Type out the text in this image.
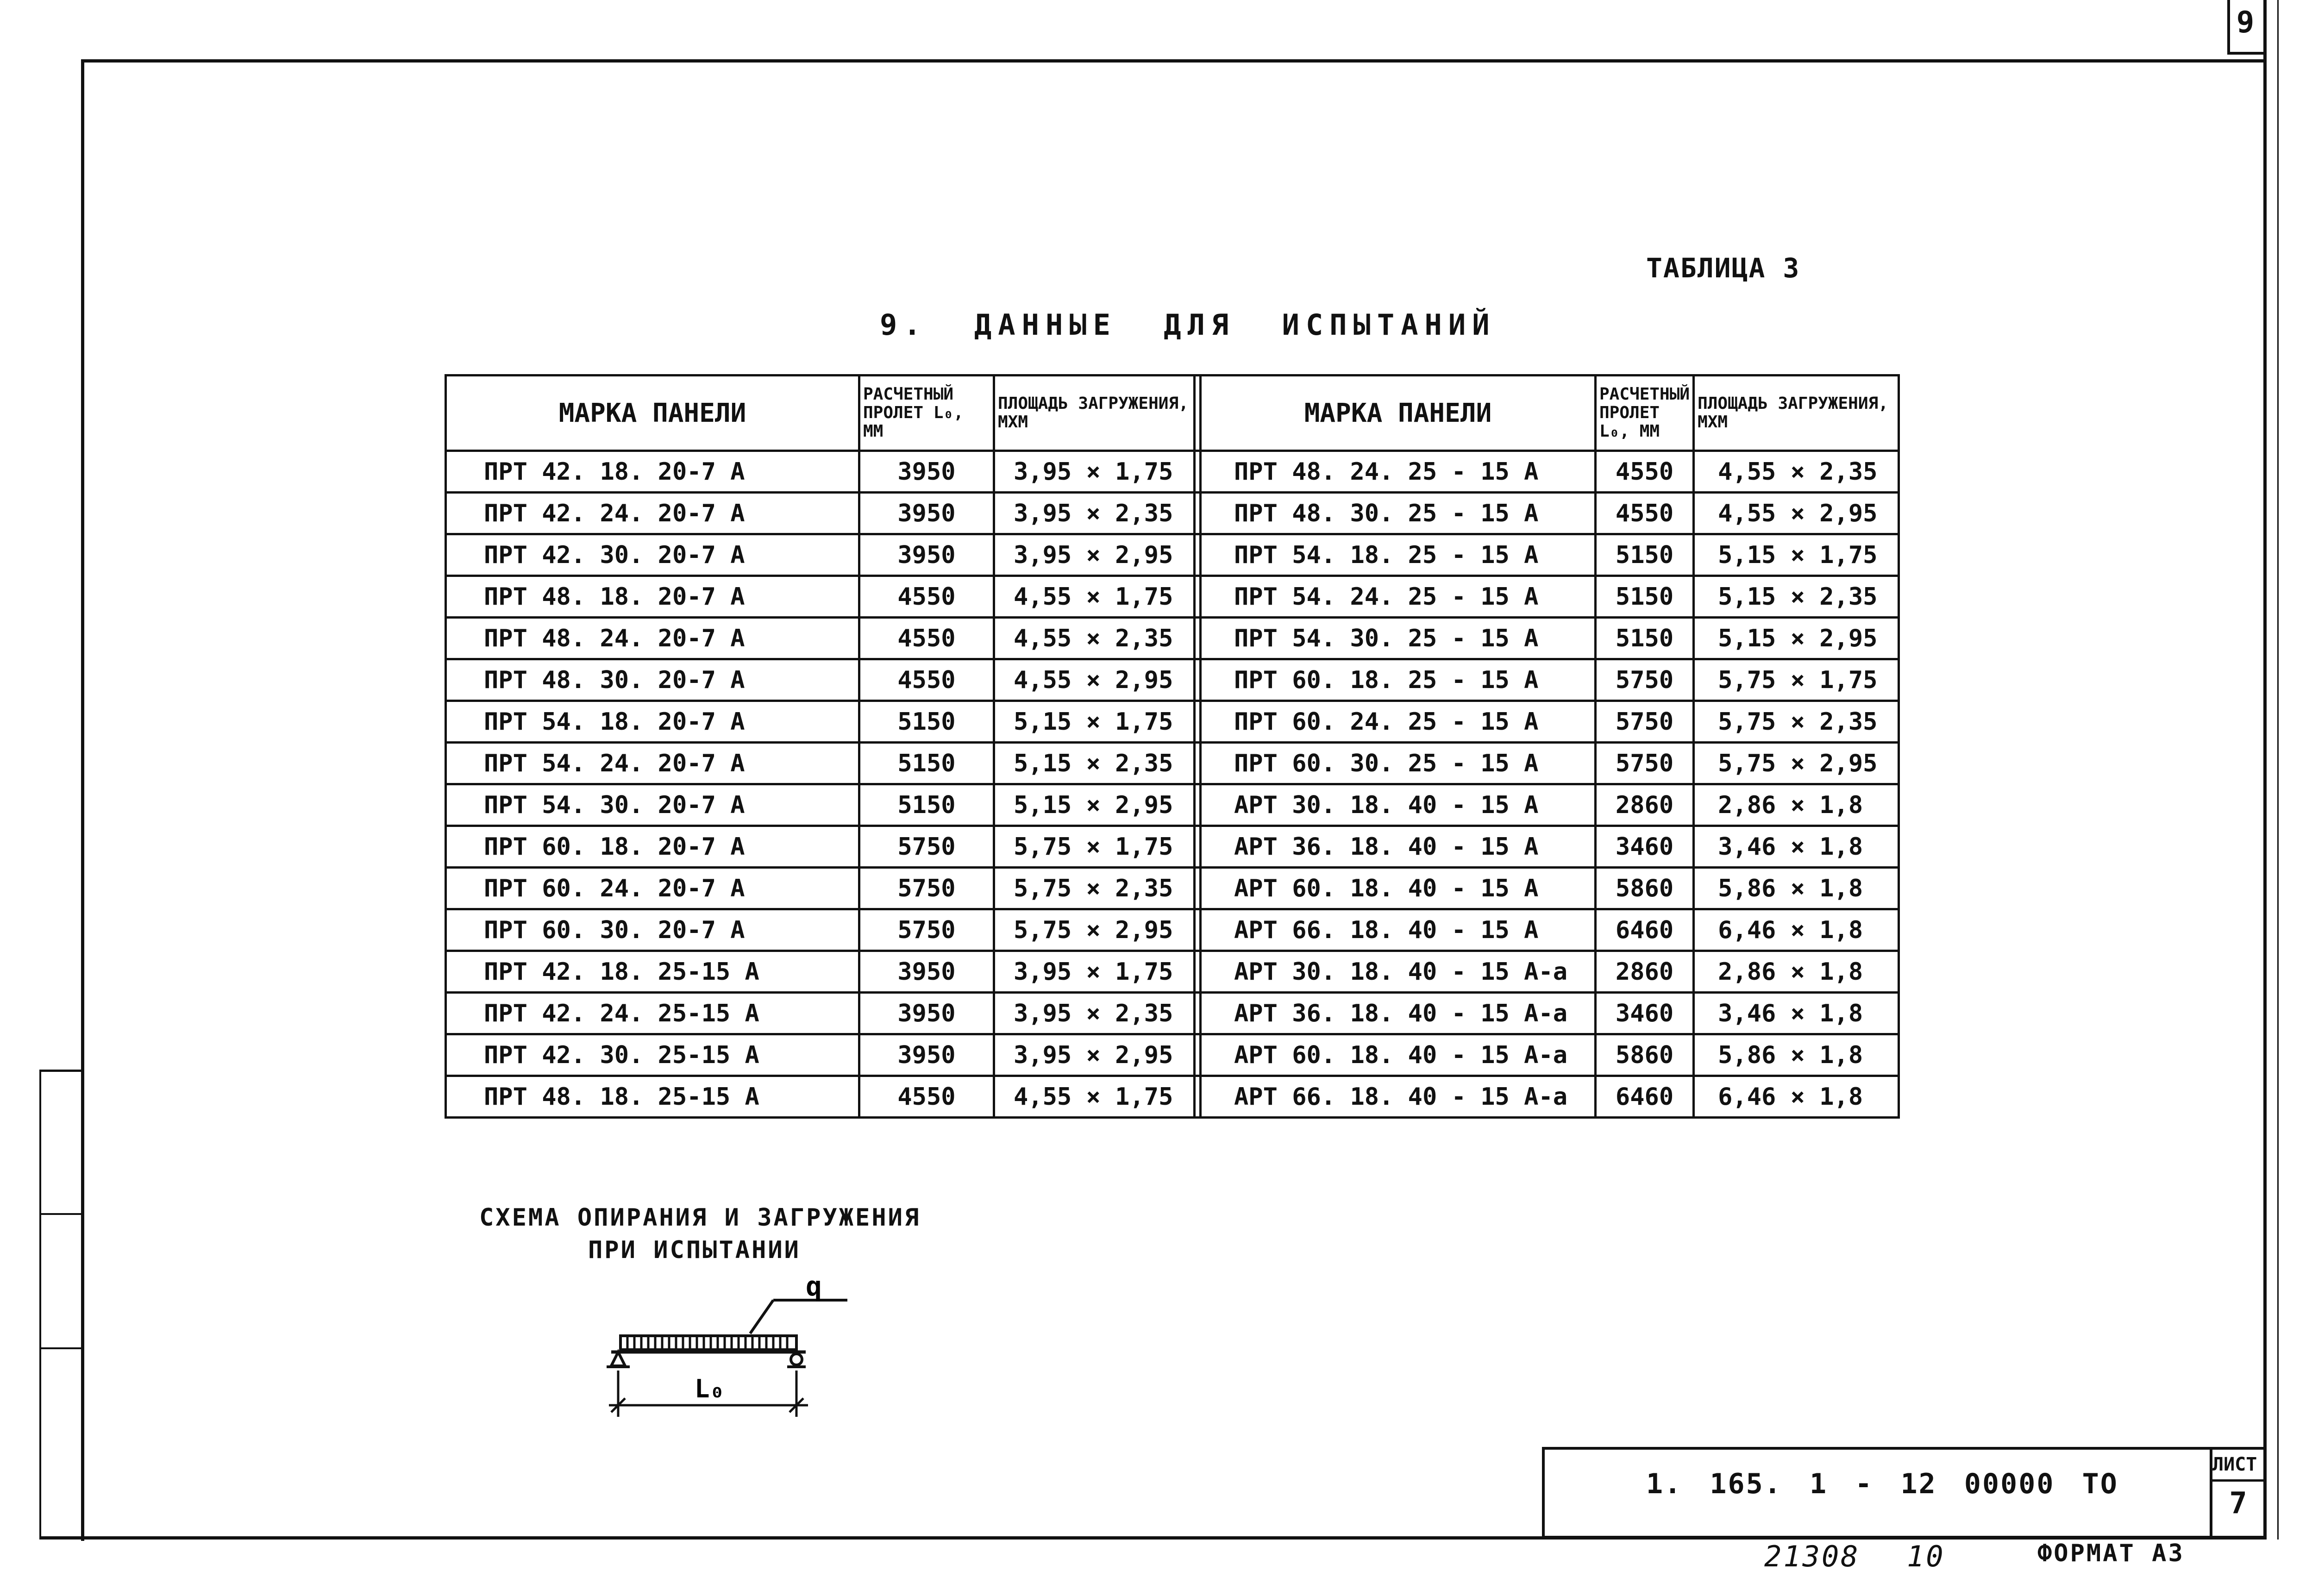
9
ТАБЛИЦА 3
9. ДАННЫЕ ДЛЯ ИСПЫТАНИЙ
МАРКА ПАНЕЛИ	РАСЧЕТНЫЙ ПРОЛЕТ L₀, ММ	ПЛОЩАДЬ ЗАГРУЖЕНИЯ, МХМ		МАРКА ПАНЕЛИ	РАСЧЕТНЫЙ ПРОЛЕТ L₀, ММ	ПЛОЩАДЬ ЗАГРУЖЕНИЯ, МХМ
ПРТ 42. 18. 20-7 А	3950	3,95 × 1,75		ПРТ 48. 24. 25 - 15 А	4550	4,55 × 2,35
ПРТ 42. 24. 20-7 А	3950	3,95 × 2,35		ПРТ 48. 30. 25 - 15 А	4550	4,55 × 2,95
ПРТ 42. 30. 20-7 А	3950	3,95 × 2,95		ПРТ 54. 18. 25 - 15 А	5150	5,15 × 1,75
ПРТ 48. 18. 20-7 А	4550	4,55 × 1,75		ПРТ 54. 24. 25 - 15 А	5150	5,15 × 2,35
ПРТ 48. 24. 20-7 А	4550	4,55 × 2,35		ПРТ 54. 30. 25 - 15 А	5150	5,15 × 2,95
ПРТ 48. 30. 20-7 А	4550	4,55 × 2,95		ПРТ 60. 18. 25 - 15 А	5750	5,75 × 1,75
ПРТ 54. 18. 20-7 А	5150	5,15 × 1,75		ПРТ 60. 24. 25 - 15 А	5750	5,75 × 2,35
ПРТ 54. 24. 20-7 А	5150	5,15 × 2,35		ПРТ 60. 30. 25 - 15 А	5750	5,75 × 2,95
ПРТ 54. 30. 20-7 А	5150	5,15 × 2,95		АРТ 30. 18. 40 - 15 А	2860	2,86 × 1,8
ПРТ 60. 18. 20-7 А	5750	5,75 × 1,75		АРТ 36. 18. 40 - 15 А	3460	3,46 × 1,8
ПРТ 60. 24. 20-7 А	5750	5,75 × 2,35		АРТ 60. 18. 40 - 15 А	5860	5,86 × 1,8
ПРТ 60. 30. 20-7 А	5750	5,75 × 2,95		АРТ 66. 18. 40 - 15 А	6460	6,46 × 1,8
ПРТ 42. 18. 25-15 А	3950	3,95 × 1,75		АРТ 30. 18. 40 - 15 А-а	2860	2,86 × 1,8
ПРТ 42. 24. 25-15 А	3950	3,95 × 2,35		АРТ 36. 18. 40 - 15 А-а	3460	3,46 × 1,8
ПРТ 42. 30. 25-15 А	3950	3,95 × 2,95		АРТ 60. 18. 40 - 15 А-а	5860	5,86 × 1,8
ПРТ 48. 18. 25-15 А	4550	4,55 × 1,75		АРТ 66. 18. 40 - 15 А-а	6460	6,46 × 1,8
СХЕМА ОПИРАНИЯ И ЗАГРУЖЕНИЯ
ПРИ ИСПЫТАНИИ
q
L₀
1. 165. 1 - 12 00000 ТО
ЛИСТ
7
ФОРМАТ А3
21308 10
